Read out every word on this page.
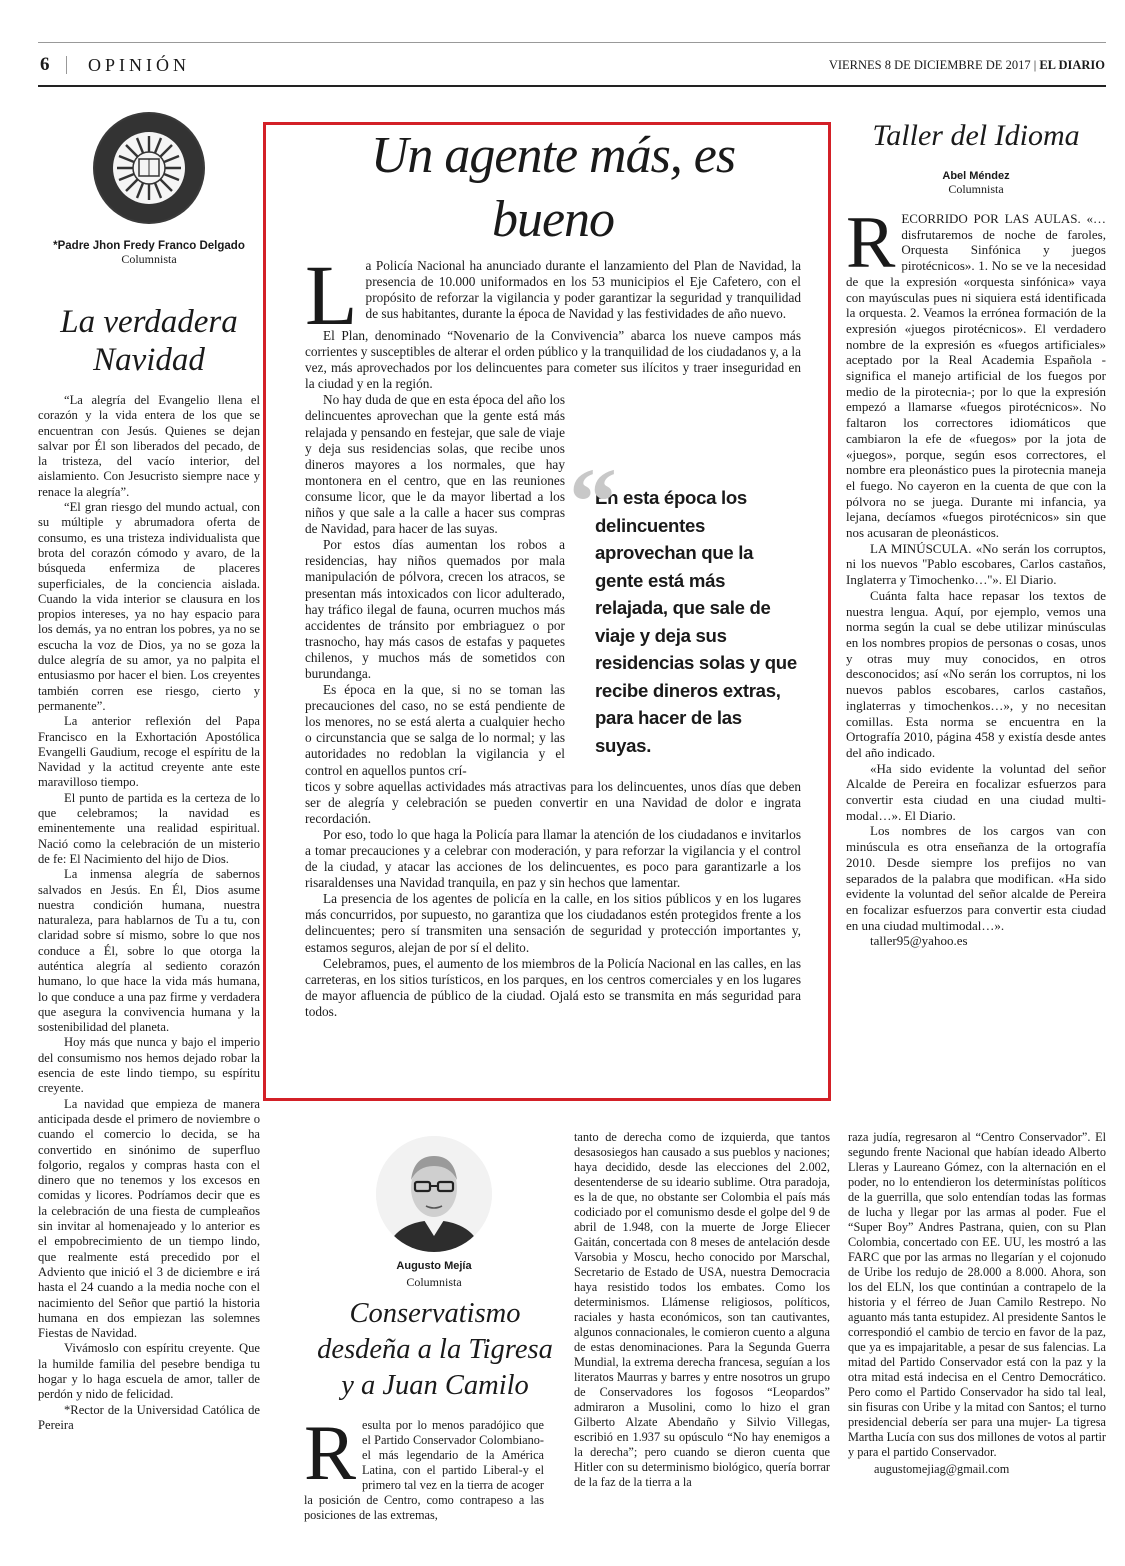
6 OPINIÓN	VIERNES 8 DE DICIEMBRE DE 2017 | EL DIARIO
*Padre Jhon Fredy Franco Delgado
Columnista
La verdadera
Navidad

“La alegría del Evangelio llena el corazón y la vida entera de los que se encuentran con Jesús. Quienes se dejan salvar por Él son liberados del pecado, de la tristeza, del vacío interior, del aislamiento. Con Jesucristo siempre nace y renace la alegría”.

“El gran riesgo del mundo actual, con su múltiple y abrumadora oferta de consumo, es una tristeza individualista que brota del corazón cómodo y avaro, de la búsqueda enfermiza de placeres superficiales, de la conciencia aislada. Cuando la vida interior se clausura en los propios intereses, ya no hay espacio para los demás, ya no entran los pobres, ya no se escucha la voz de Dios, ya no se goza la dulce alegría de su amor, ya no palpita el entusiasmo por hacer el bien. Los creyentes también corren ese riesgo, cierto y permanente”.

La anterior reflexión del Papa Francisco en la Exhortación Apostólica Evangelli Gaudium, recoge el espíritu de la Navidad y la actitud creyente ante este maravilloso tiempo.

El punto de partida es la certeza de lo que celebramos; la navidad es eminentemente una realidad espiritual. Nació como la celebración de un misterio de fe: El Nacimiento del hijo de Dios.

La inmensa alegría de sabernos salvados en Jesús. En Él, Dios asume nuestra condición humana, nuestra naturaleza, para hablarnos de Tu a tu, con claridad sobre sí mismo, sobre lo que nos conduce a Él, sobre lo que otorga la auténtica alegría al sediento corazón humano, lo que hace la vida más humana, lo que conduce a una paz firme y verdadera que asegura la convivencia humana y la sostenibilidad del planeta.

Hoy más que nunca y bajo el imperio del consumismo nos hemos dejado robar la esencia de este lindo tiempo, su espíritu creyente.

La navidad que empieza de manera anticipada desde el primero de noviembre o cuando el comercio lo decida, se ha convertido en sinónimo de superfluo folgorio, regalos y compras hasta con el dinero que no tenemos y los excesos en comidas y licores. Podríamos decir que es la celebración de una fiesta de cumpleaños sin invitar al homenajeado y lo anterior es el empobrecimiento de un tiempo lindo, que realmente está precedido por el Adviento que inició el 3 de diciembre e irá hasta el 24 cuando a la media noche con el nacimiento del Señor que partió la historia humana en dos empiezan las solemnes Fiestas de Navidad.

Vivámoslo con espíritu creyente. Que la humilde familia del pesebre bendiga tu hogar y lo haga escuela de amor, taller de perdón y nido de felicidad.

*Rector de la Universidad Católica de Pereira

Un agente más, es bueno
L a Policía Nacional ha anunciado durante el lanzamiento del Plan de Navidad, la presencia de 10.000 uniformados en los 53 municipios el Eje Cafetero, con el propósito de reforzar la vigilancia y poder garantizar la seguridad y tranquilidad de sus habitantes, durante la época de Navidad y las festividades de año nuevo.

El Plan, denominado “Novenario de la Convivencia” abarca los nueve campos más corrientes y susceptibles de alterar el orden público y la tranquilidad de los ciudadanos y, a la vez, más aprovechados por los delincuentes para cometer sus ilícitos y traer inseguridad en la ciudad y en la región.

“
En esta época los delincuentes aprovechan que la gente está más relajada, que sale de viaje y deja sus residencias solas y que recibe dineros extras, para hacer de las suyas.

No hay duda de que en esta época del año los delincuentes aprovechan que la gente está más relajada y pensando en festejar, que sale de viaje y deja sus residencias solas, que recibe unos dineros mayores a los normales, que hay montonera en el centro, que en las reuniones consume licor, que le da mayor libertad a los niños y que sale a la calle a hacer sus compras de Navidad, para hacer de las suyas.

Por estos días aumentan los robos a residencias, hay niños quemados por mala manipulación de pólvora, crecen los atracos, se presentan más intoxicados con licor adulterado, hay tráfico ilegal de fauna, ocurren muchos más accidentes de tránsito por embriaguez o por trasnocho, hay más casos de estafas y paquetes chilenos, y muchos más de sometidos con burundanga.

Es época en la que, si no se toman las precauciones del caso, no se está pendiente de los menores, no se está alerta a cualquier hecho o circunstancia que se salga de lo normal; y las autoridades no redoblan la vigilancia y el control en aquellos puntos crí-

ticos y sobre aquellas actividades más atractivas para los delincuentes, unos días que deben ser de alegría y celebración se pueden convertir en una Navidad de dolor e ingrata recordación.

Por eso, todo lo que haga la Policía para llamar la atención de los ciudadanos e invitarlos a tomar precauciones y a celebrar con moderación, y para reforzar la vigilancia y el control de la ciudad, y atacar las acciones de los delincuentes, es poco para garantizarle a los risaraldenses una Navidad tranquila, en paz y sin hechos que lamentar.

La presencia de los agentes de policía en la calle, en los sitios públicos y en los lugares más concurridos, por supuesto, no garantiza que los ciudadanos estén protegidos frente a los delincuentes; pero sí transmiten una sensación de seguridad y protección importantes y, estamos seguros, alejan de por sí el delito.

Celebramos, pues, el aumento de los miembros de la Policía Nacional en las calles, en las carreteras, en los sitios turísticos, en los parques, en los centros comerciales y en los lugares de mayor afluencia de público de la ciudad. Ojalá esto se transmita en más seguridad para todos.

Taller del Idioma
Abel Méndez
Columnista

RECORRIDO POR LAS AULAS. «… disfrutaremos de noche de faroles, Orquesta Sinfónica y juegos pirotécnicos». 1. No se ve la necesidad de que la expresión «orquesta sinfónica» vaya con mayúsculas pues ni siquiera está identificada la orquesta. 2. Veamos la errónea formación de la expresión «juegos pirotécnicos». El verdadero nombre de la expresión es «fuegos artificiales» aceptado por la Real Academia Española -significa el manejo artificial de los fuegos por medio de la pirotecnia-; por lo que la expresión empezó a llamarse «fuegos pirotécnicos». No faltaron los correctores idiomáticos que cambiaron la efe de «fuegos» por la jota de «juegos», porque, según esos correctores, el nombre era pleonástico pues la pirotecnia maneja el fuego. No cayeron en la cuenta de que con la pólvora no se juega. Durante mi infancia, ya lejana, decíamos «fuegos pirotécnicos» sin que nos acusaran de pleonásticos.

LA MINÚSCULA. «No serán los corruptos, ni los nuevos ''Pablo escobares, Carlos castaños, Inglaterra y Timochenko…''». El Diario.

Cuánta falta hace repasar los textos de nuestra lengua. Aquí, por ejemplo, vemos una norma según la cual se debe utilizar minúsculas en los nombres propios de personas o cosas, unos y otras muy muy conocidos, en otros desconocidos; así «No serán los corruptos, ni los nuevos pablos escobares, carlos castaños, inglaterras y timochenkos…», y no necesitan comillas. Esta norma se encuentra en la Ortografía 2010, página 458 y existía desde antes del año indicado.

«Ha sido evidente la voluntad del señor Alcalde de Pereira en focalizar esfuerzos para convertir esta ciudad en una ciudad multi-modal…». El Diario.

Los nombres de los cargos van con minúscula es otra enseñanza de la ortografía 2010. Desde siempre los prefijos no van separados de la palabra que modifican. «Ha sido evidente la voluntad del señor alcalde de Pereira en focalizar esfuerzos para convertir esta ciudad en una ciudad multimodal…».

taller95@yahoo.es

Augusto Mejía
Columnista
Conservatismo
desdeña a la Tigresa
y a Juan Camilo
R esulta por lo menos paradójico que el Partido Conservador Colombiano- el más legendario de la América Latina, con el partido Liberal-y el primero tal vez en la tierra de acoger la posición de Centro, como contrapeso a las posiciones de las extremas,
tanto de derecha como de izquierda, que tantos desasosiegos han causado a sus pueblos y naciones; haya decidido, desde las elecciones del 2.002, desentenderse de su ideario sublime. Otra paradoja, es la de que, no obstante ser Colombia el país más codiciado por el comunismo desde el golpe del 9 de abril de 1.948, con la muerte de Jorge Eliecer Gaitán, concertada con 8 meses de antelación desde Varsobia y Moscu, hecho conocido por Marschal, Secretario de Estado de USA, nuestra Democracia haya resistido todos los embates. Como los determinismos. Llámense religiosos, políticos, raciales y hasta económicos, son tan cautivantes, algunos connacionales, le comieron cuento a alguna de estas denominaciones. Para la Segunda Guerra Mundial, la extrema derecha francesa, seguían a los literatos Maurras y barres y entre nosotros un grupo de Conservadores los fogosos “Leopardos” admiraron a Musolini, como lo hizo el gran Gilberto Alzate Abendaño y Silvio Villegas, escribió en 1.937 su opúsculo “No hay enemigos a la derecha”; pero cuando se dieron cuenta que Hitler con su determinismo biológico, quería borrar de la faz de la tierra a la
raza judía, regresaron al “Centro Conservador”. El segundo frente Nacional que habían ideado Alberto Lleras y Laureano Gómez, con la alternación en el poder, no lo entendieron los determinístas políticos de la guerrilla, que solo entendían todas las formas de lucha y llegar por las armas al poder. Fue el “Super Boy” Andres Pastrana, quien, con su Plan Colombia, concertado con EE. UU, les mostró a las FARC que por las armas no llegarían y el cojonudo de Uribe los redujo de 28.000 a 8.000. Ahora, son los del ELN, los que continúan a contrapelo de la historia y el férreo de Juan Camilo Restrepo. No aguanto más tanta estupidez. Al presidente Santos le correspondió el cambio de tercio en favor de la paz, que ya es impajaritable, a pesar de sus falencias. La mitad del Partido Conservador está con la paz y la otra mitad está indecisa en el Centro Democrático. Pero como el Partido Conservador ha sido tal leal, sin fisuras con Uribe y la mitad con Santos; el turno presidencial debería ser para una mujer- La tigresa Martha Lucía con sus dos millones de votos al partir y para el partido Conservador.
augustomejiag@gmail.com
